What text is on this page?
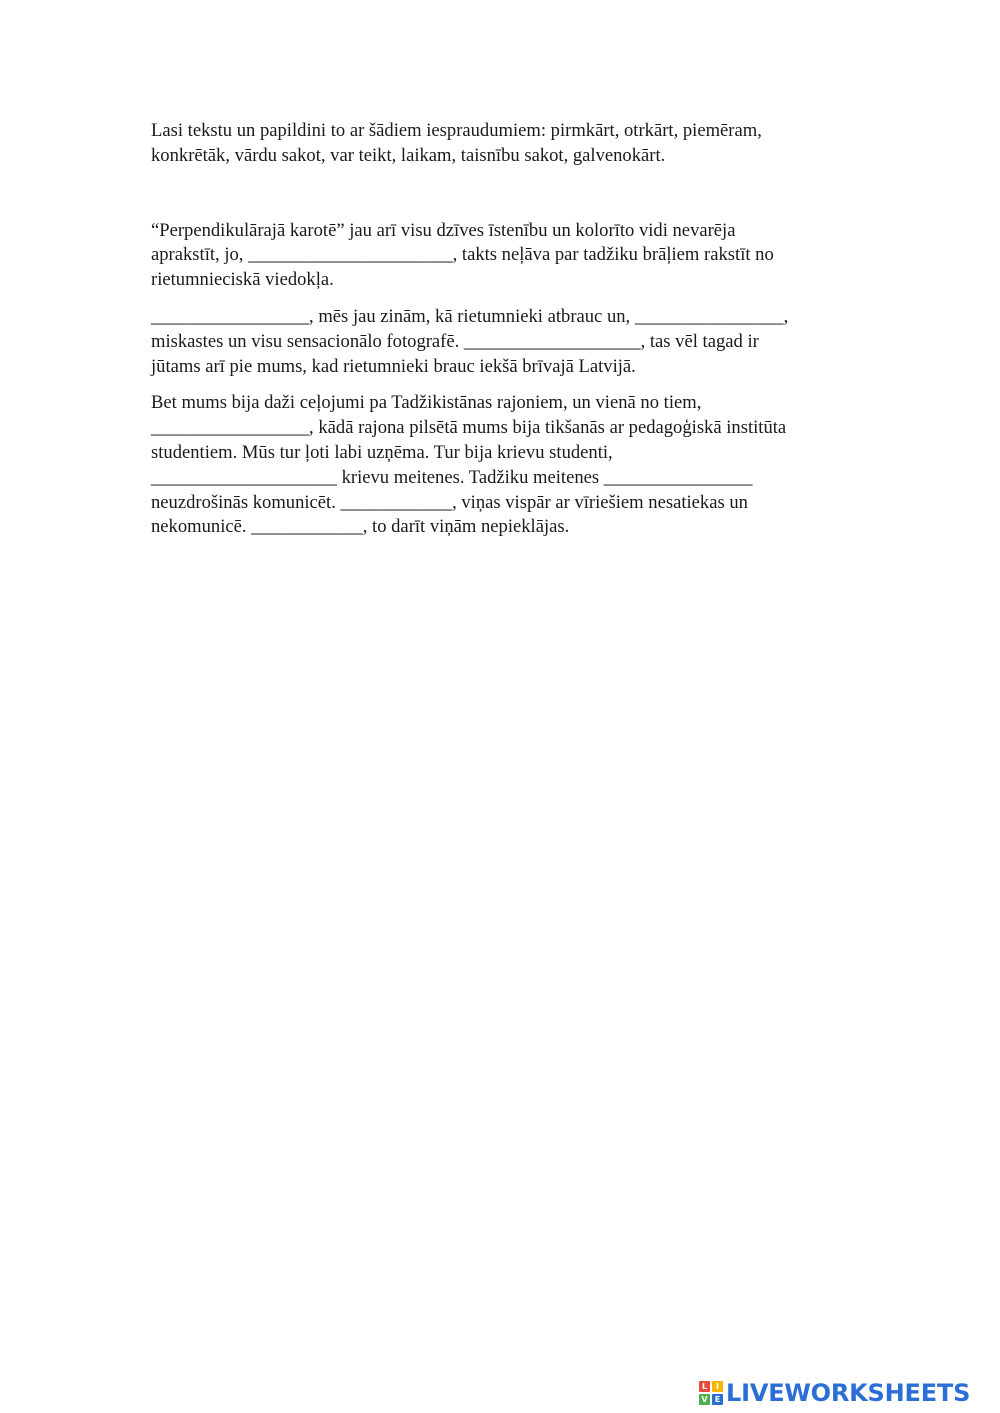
Lasi tekstu un papildini to ar šādiem iespraudumiem: pirmkārt, otrkārt, piemēram,
konkrētāk, vārdu sakot, var teikt, laikam, taisnību sakot, galvenokārt.
“Perpendikulārajā karotē” jau arī visu dzīves īstenību un kolorīto vidi nevarēja
aprakstīt, jo, ______________________, takts neļāva par tadžiku brāļiem rakstīt no
rietumnieciskā viedokļa.
_________________, mēs jau zinām, kā rietumnieki atbrauc un, ________________,
miskastes un visu sensacionālo fotografē. ___________________, tas vēl tagad ir
jūtams arī pie mums, kad rietumnieki brauc iekšā brīvajā Latvijā.
Bet mums bija daži ceļojumi pa Tadžikistānas rajoniem, un vienā no tiem,
_________________, kādā rajona pilsētā mums bija tikšanās ar pedagoģiskā institūta
studentiem. Mūs tur ļoti labi uzņēma. Tur bija krievu studenti,
____________________ krievu meitenes. Tadžiku meitenes ________________
neuzdrošinās komunicēt. ____________, viņas vispār ar vīriešiem nesatiekas un
nekomunicē. ____________, to darīt viņām nepieklājas.
L	I
V E LIVEWORKSHEETS
